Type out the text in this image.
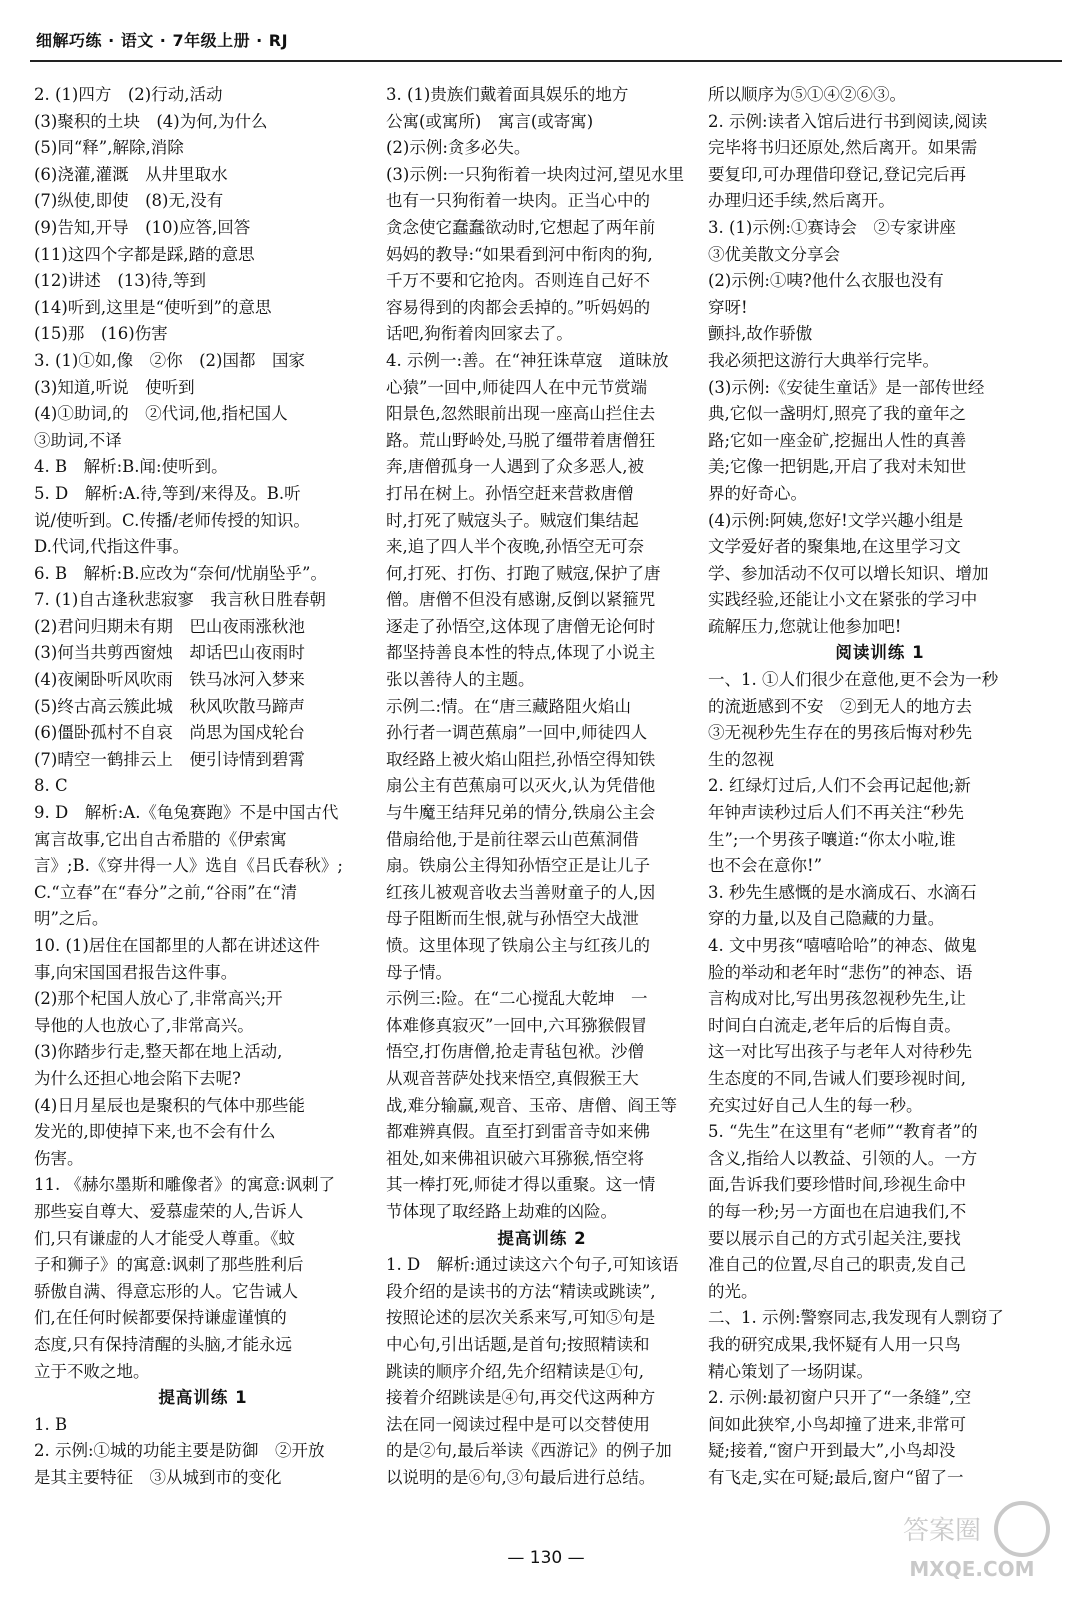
细解巧练 · 语文 · 7年级上册 · RJ

2. (1)四方　(2)行动,活动

(3)聚积的土块　(4)为何,为什么

(5)同“释”,解除,消除

(6)浇灌,灌溉　从井里取水

(7)纵使,即使　(8)无,没有

(9)告知,开导　(10)应答,回答

(11)这四个字都是踩,踏的意思

(12)讲述　(13)待,等到

(14)听到,这里是“使听到”的意思

(15)那　(16)伤害

3. (1)①如,像　②你　(2)国都　国家

(3)知道,听说　使听到

(4)①助词,的　②代词,他,指杞国人

③助词,不译

4. B　解析:B.闻:使听到。

5. D　解析:A.待,等到/来得及。B.听

说/使听到。C.传播/老师传授的知识。

D.代词,代指这件事。

6. B　解析:B.应改为“奈何/忧崩坠乎”。

7. (1)自古逢秋悲寂寥　我言秋日胜春朝

(2)君问归期未有期　巴山夜雨涨秋池

(3)何当共剪西窗烛　却话巴山夜雨时

(4)夜阑卧听风吹雨　铁马冰河入梦来

(5)终古高云簇此城　秋风吹散马蹄声

(6)僵卧孤村不自哀　尚思为国戍轮台

(7)晴空一鹤排云上　便引诗情到碧霄

8. C

9. D　解析:A.《龟兔赛跑》不是中国古代

寓言故事,它出自古希腊的《伊索寓

言》;B.《穿井得一人》选自《吕氏春秋》;

C.“立春”在“春分”之前,“谷雨”在“清

明”之后。

10. (1)居住在国都里的人都在讲述这件

事,向宋国国君报告这件事。

(2)那个杞国人放心了,非常高兴;开

导他的人也放心了,非常高兴。

(3)你踏步行走,整天都在地上活动,

为什么还担心地会陷下去呢?

(4)日月星辰也是聚积的气体中那些能

发光的,即使掉下来,也不会有什么

伤害。

11. 《赫尔墨斯和雕像者》的寓意:讽刺了

那些妄自尊大、爱慕虚荣的人,告诉人

们,只有谦虚的人才能受人尊重。《蚊

子和狮子》的寓意:讽刺了那些胜利后

骄傲自满、得意忘形的人。它告诫人

们,在任何时候都要保持谦虚谨慎的

态度,只有保持清醒的头脑,才能永远

立于不败之地。

提高训练 1

1. B

2. 示例:①城的功能主要是防御　②开放

是其主要特征　③从城到市的变化

3. (1)贵族们戴着面具娱乐的地方

公寓(或寓所)　寓言(或寄寓)

(2)示例:贪多必失。

(3)示例:一只狗衔着一块肉过河,望见水里

也有一只狗衔着一块肉。正当心中的

贪念使它蠢蠢欲动时,它想起了两年前

妈妈的教导:“如果看到河中衔肉的狗,

千万不要和它抢肉。否则连自己好不

容易得到的肉都会丢掉的。”听妈妈的

话吧,狗衔着肉回家去了。

4. 示例一:善。在“神狂诛草寇　道昧放

心猿”一回中,师徒四人在中元节赏端

阳景色,忽然眼前出现一座高山拦住去

路。荒山野岭处,马脱了缰带着唐僧狂

奔,唐僧孤身一人遇到了众多恶人,被

打吊在树上。孙悟空赶来营救唐僧

时,打死了贼寇头子。贼寇们集结起

来,追了四人半个夜晚,孙悟空无可奈

何,打死、打伤、打跑了贼寇,保护了唐

僧。唐僧不但没有感谢,反倒以紧箍咒

逐走了孙悟空,这体现了唐僧无论何时

都坚持善良本性的特点,体现了小说主

张以善待人的主题。

示例二:情。在“唐三藏路阻火焰山

孙行者一调芭蕉扇”一回中,师徒四人

取经路上被火焰山阻拦,孙悟空得知铁

扇公主有芭蕉扇可以灭火,认为凭借他

与牛魔王结拜兄弟的情分,铁扇公主会

借扇给他,于是前往翠云山芭蕉洞借

扇。铁扇公主得知孙悟空正是让儿子

红孩儿被观音收去当善财童子的人,因

母子阻断而生恨,就与孙悟空大战泄

愤。这里体现了铁扇公主与红孩儿的

母子情。

示例三:险。在“二心搅乱大乾坤　一

体难修真寂灭”一回中,六耳猕猴假冒

悟空,打伤唐僧,抢走青毡包袱。沙僧

从观音菩萨处找来悟空,真假猴王大

战,难分输赢,观音、玉帝、唐僧、阎王等

都难辨真假。直至打到雷音寺如来佛

祖处,如来佛祖识破六耳猕猴,悟空将

其一棒打死,师徒才得以重聚。这一情

节体现了取经路上劫难的凶险。

提高训练 2

1. D　解析:通过读这六个句子,可知该语

段介绍的是读书的方法“精读或跳读”,

按照论述的层次关系来写,可知⑤句是

中心句,引出话题,是首句;按照精读和

跳读的顺序介绍,先介绍精读是①句,

接着介绍跳读是④句,再交代这两种方

法在同一阅读过程中是可以交替使用

的是②句,最后举读《西游记》的例子加

以说明的是⑥句,③句最后进行总结。

所以顺序为⑤①④②⑥③。

2. 示例:读者入馆后进行书到阅读,阅读

完毕将书归还原处,然后离开。如果需

要复印,可办理借印登记,登记完后再

办理归还手续,然后离开。

3. (1)示例:①赛诗会　②专家讲座

③优美散文分享会

(2)示例:①咦?他什么衣服也没有

穿呀!

颤抖,故作骄傲

我必须把这游行大典举行完毕。

(3)示例:《安徒生童话》是一部传世经

典,它似一盏明灯,照亮了我的童年之

路;它如一座金矿,挖掘出人性的真善

美;它像一把钥匙,开启了我对未知世

界的好奇心。

(4)示例:阿姨,您好!文学兴趣小组是

文学爱好者的聚集地,在这里学习文

学、参加活动不仅可以增长知识、增加

实践经验,还能让小文在紧张的学习中

疏解压力,您就让他参加吧!

阅读训练 1

一、1. ①人们很少在意他,更不会为一秒

的流逝感到不安　②到无人的地方去

③无视秒先生存在的男孩后悔对秒先

生的忽视

2. 红绿灯过后,人们不会再记起他;新

年钟声读秒过后人们不再关注“秒先

生”;一个男孩子嚷道:“你太小啦,谁

也不会在意你!”

3. 秒先生感慨的是水滴成石、水滴石

穿的力量,以及自己隐藏的力量。

4. 文中男孩“嘻嘻哈哈”的神态、做鬼

脸的举动和老年时“悲伤”的神态、语

言构成对比,写出男孩忽视秒先生,让

时间白白流走,老年后的后悔自责。

这一对比写出孩子与老年人对待秒先

生态度的不同,告诫人们要珍视时间,

充实过好自己人生的每一秒。

5. “先生”在这里有“老师”“教育者”的

含义,指给人以教益、引领的人。一方

面,告诉我们要珍惜时间,珍视生命中

的每一秒;另一方面也在启迪我们,不

要以展示自己的方式引起关注,要找

准自己的位置,尽自己的职责,发自己

的光。

二、1. 示例:警察同志,我发现有人剽窃了

我的研究成果,我怀疑有人用一只鸟

精心策划了一场阴谋。

2. 示例:最初窗户只开了“一条缝”,空

间如此狭窄,小鸟却撞了进来,非常可

疑;接着,“窗户开到最大”,小鸟却没

有飞走,实在可疑;最后,窗户“留了一

— 130 —
答案圈
MXQE.COM
